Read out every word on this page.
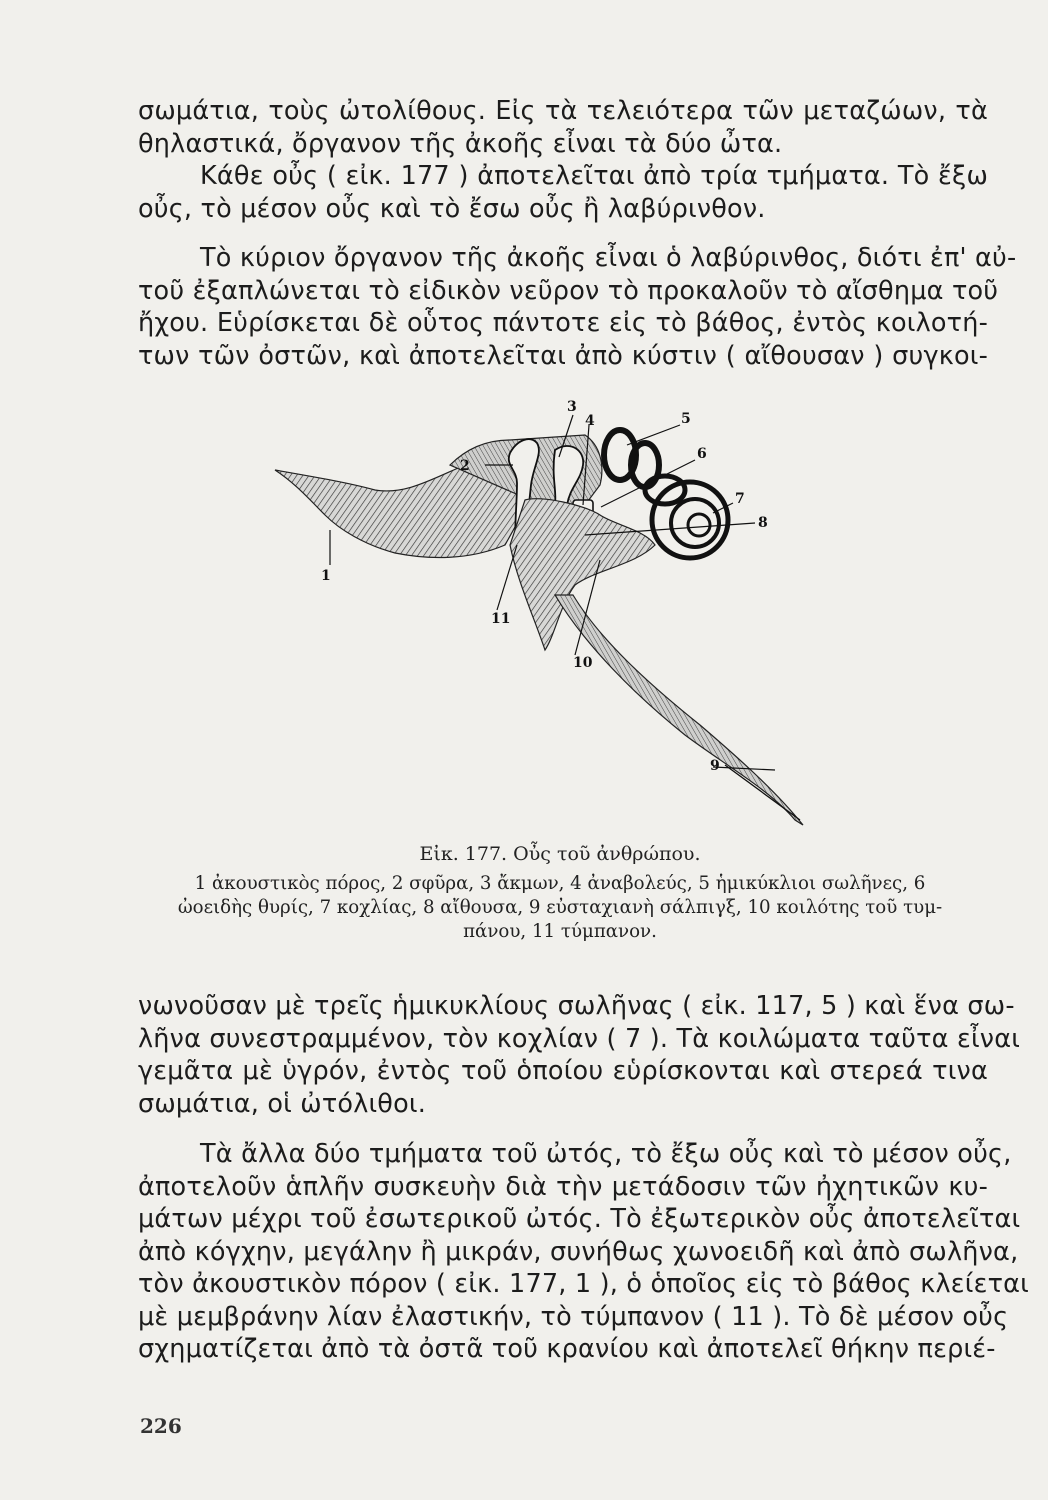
σωμάτια, τοὺς ὠτολίθους. Εἰς τὰ τελειότερα τῶν μεταζώων, τὰ
θηλαστικά, ὄργανον τῆς ἀκοῆς εἶναι τὰ δύο ὦτα.
Κάθε οὖς ( εἰκ. 177 ) ἀποτελεῖται ἀπὸ τρία τμήματα. Τὸ ἔξω
οὖς, τὸ μέσον οὖς καὶ τὸ ἔσω οὖς ἢ λαβύρινθον.
Τὸ κύριον ὄργανον τῆς ἀκοῆς εἶναι ὁ λαβύρινθος, διότι ἐπ' αὐ-
τοῦ ἐξαπλώνεται τὸ εἰδικὸν νεῦρον τὸ προκαλοῦν τὸ αἴσθημα τοῦ
ἤχου. Εὑρίσκεται δὲ οὗτος πάντοτε εἰς τὸ βάθος, ἐντὸς κοιλοτή-
των τῶν ὀστῶν, καὶ ἀποτελεῖται ἀπὸ κύστιν ( αἴθουσαν ) συγκοι-
1
2
3
4	5
6
7
8
9
10
11
Εἰκ. 177. Οὖς τοῦ ἀνθρώπου.
1 ἀκουστικὸς πόρος, 2 σφῦρα, 3 ἄκμων, 4 ἀναβολεύς, 5 ἡμικύκλιοι σωλῆνες, 6
ὠοειδὴς θυρίς, 7 κοχλίας, 8 αἴθουσα, 9 εὐσταχιανὴ σάλπιγξ, 10 κοιλότης τοῦ τυμ-
πάνου, 11 τύμπανον.
νωνοῦσαν μὲ τρεῖς ἡμικυκλίους σωλῆνας ( εἰκ. 117, 5 ) καὶ ἕνα σω-
λῆνα συνεστραμμένον, τὸν κοχλίαν ( 7 ). Τὰ κοιλώματα ταῦτα εἶναι
γεμᾶτα μὲ ὑγρόν, ἐντὸς τοῦ ὁποίου εὑρίσκονται καὶ στερεά τινα
σωμάτια, οἱ ὠτόλιθοι.
Τὰ ἄλλα δύο τμήματα τοῦ ὠτός, τὸ ἔξω οὖς καὶ τὸ μέσον οὖς,
ἀποτελοῦν ἁπλῆν συσκευὴν διὰ τὴν μετάδοσιν τῶν ἠχητικῶν κυ-
μάτων μέχρι τοῦ ἐσωτερικοῦ ὠτός. Τὸ ἐξωτερικὸν οὖς ἀποτελεῖται
ἀπὸ κόγχην, μεγάλην ἢ μικράν, συνήθως χωνοειδῆ καὶ ἀπὸ σωλῆνα,
τὸν ἀκουστικὸν πόρον ( εἰκ. 177, 1 ), ὁ ὁποῖος εἰς τὸ βάθος κλείεται
μὲ μεμβράνην λίαν ἐλαστικήν, τὸ τύμπανον ( 11 ). Τὸ δὲ μέσον οὖς
σχηματίζεται ἀπὸ τὰ ὀστᾶ τοῦ κρανίου καὶ ἀποτελεῖ θήκην περιέ-
226
